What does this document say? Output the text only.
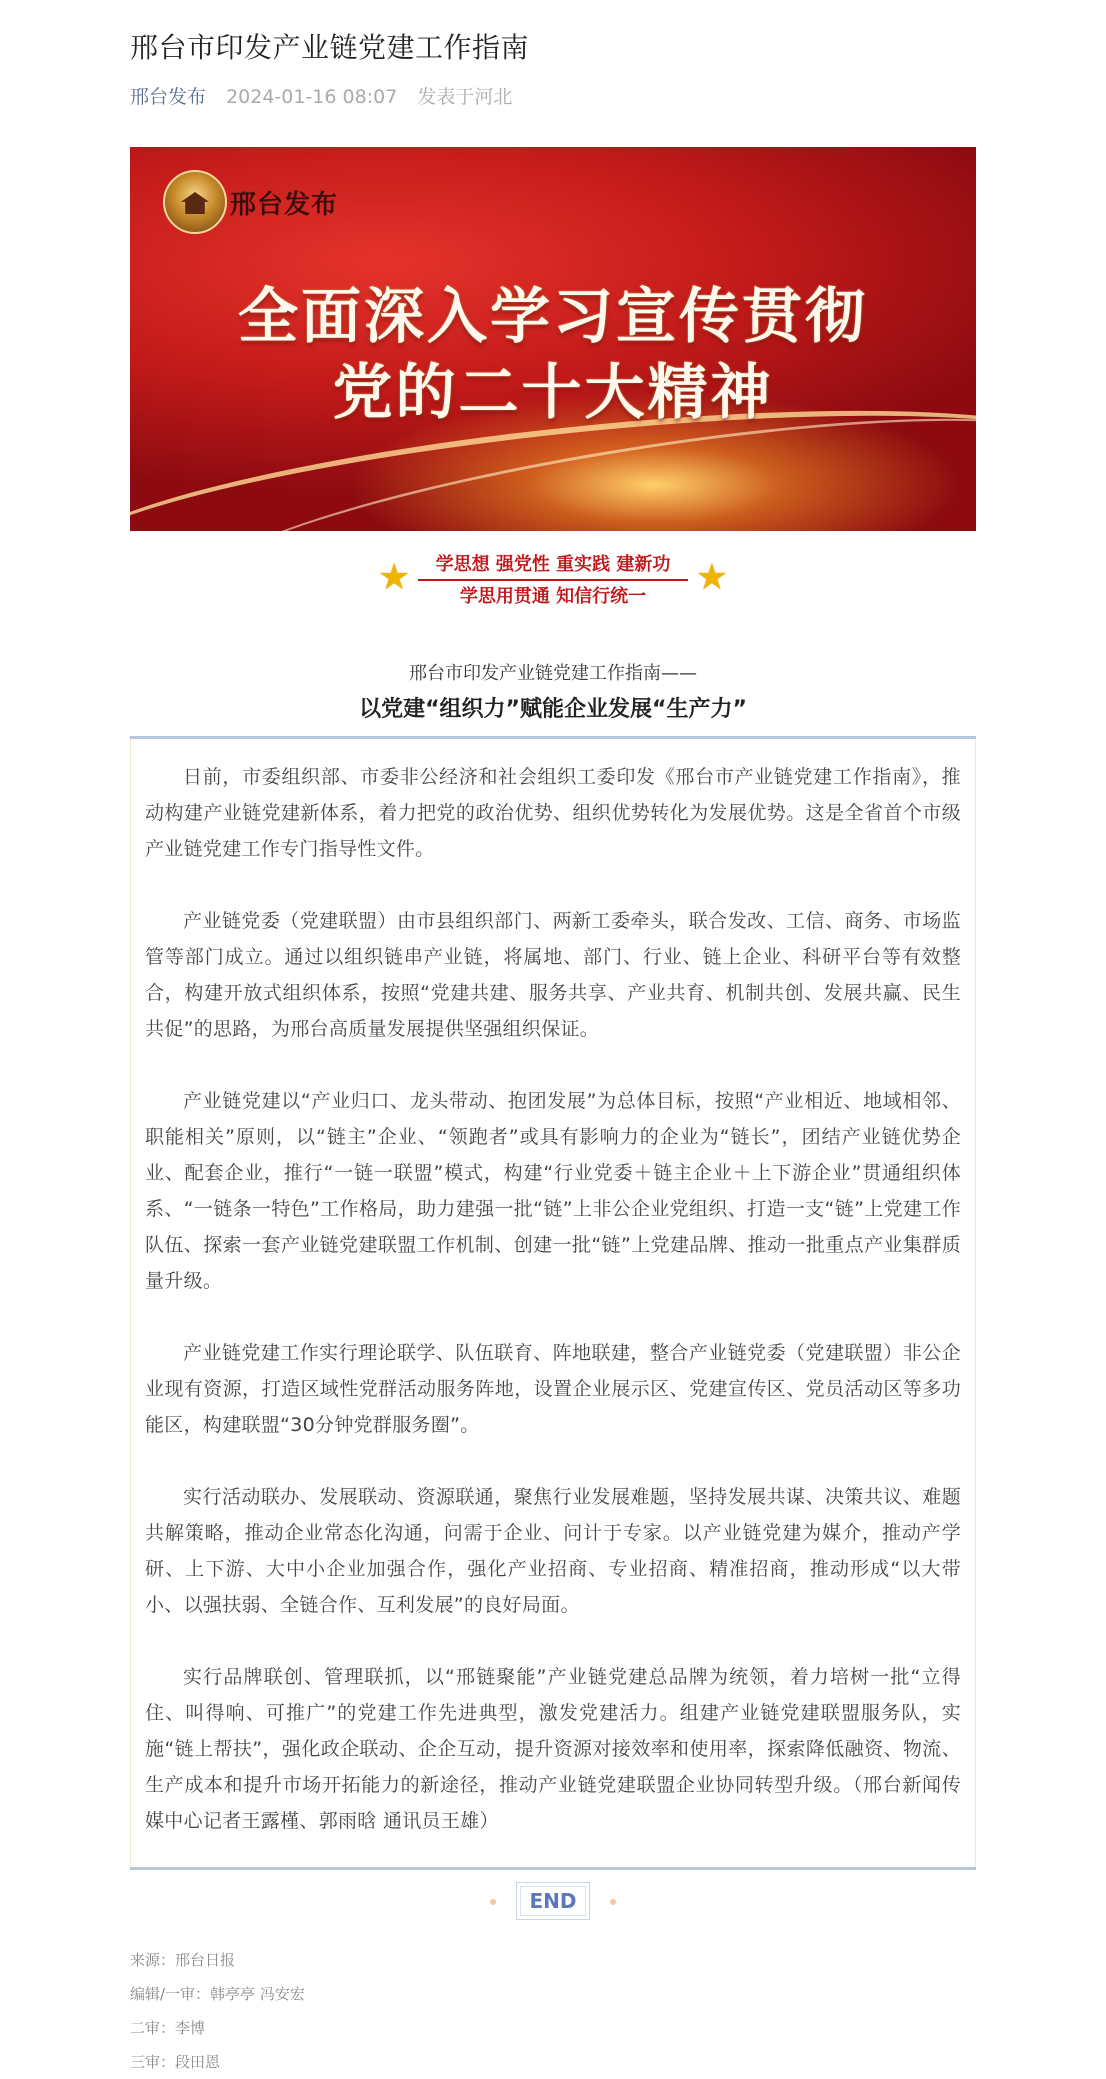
邢台市印发产业链党建工作指南
邢台发布 2024-01-16 08:07 发表于河北
邢台发布
全面深入学习宣传贯彻
党的二十大精神
★	学思想 强党性 重实践 建新功
学思用贯通 知信行统一	★
邢台市印发产业链党建工作指南——
以党建“组织力”赋能企业发展“生产力”

日前，市委组织部、市委非公经济和社会组织工委印发《邢台市产业链党建工作指南》，推动构建产业链党建新体系，着力把党的政治优势、组织优势转化为发展优势。这是全省首个市级产业链党建工作专门指导性文件。

产业链党委（党建联盟）由市县组织部门、两新工委牵头，联合发改、工信、商务、市场监管等部门成立。通过以组织链串产业链，将属地、部门、行业、链上企业、科研平台等有效整合，构建开放式组织体系，按照“党建共建、服务共享、产业共育、机制共创、发展共赢、民生共促”的思路，为邢台高质量发展提供坚强组织保证。

产业链党建以“产业归口、龙头带动、抱团发展”为总体目标，按照“产业相近、地域相邻、职能相关”原则，以“链主”企业、“领跑者”或具有影响力的企业为“链长”，团结产业链优势企业、配套企业，推行“一链一联盟”模式，构建“行业党委＋链主企业＋上下游企业”贯通组织体系、“一链条一特色”工作格局，助力建强一批“链”上非公企业党组织、打造一支“链”上党建工作队伍、探索一套产业链党建联盟工作机制、创建一批“链”上党建品牌、推动一批重点产业集群质量升级。

产业链党建工作实行理论联学、队伍联育、阵地联建，整合产业链党委（党建联盟）非公企业现有资源，打造区域性党群活动服务阵地，设置企业展示区、党建宣传区、党员活动区等多功能区，构建联盟“30分钟党群服务圈”。

实行活动联办、发展联动、资源联通，聚焦行业发展难题，坚持发展共谋、决策共议、难题共解策略，推动企业常态化沟通，问需于企业、问计于专家。以产业链党建为媒介，推动产学研、上下游、大中小企业加强合作，强化产业招商、专业招商、精准招商，推动形成“以大带小、以强扶弱、全链合作、互利发展”的良好局面。

实行品牌联创、管理联抓，以“邢链聚能”产业链党建总品牌为统领，着力培树一批“立得住、叫得响、可推广”的党建工作先进典型，激发党建活力。组建产业链党建联盟服务队，实施“链上帮扶”，强化政企联动、企企互动，提升资源对接效率和使用率，探索降低融资、物流、生产成本和提升市场开拓能力的新途径，推动产业链党建联盟企业协同转型升级。（邢台新闻传媒中心记者王露槿、郭雨晗 通讯员王雄）

END
来源：邢台日报
编辑/一审：韩亭亭 冯安宏
二审：李博
三审：段田恩
